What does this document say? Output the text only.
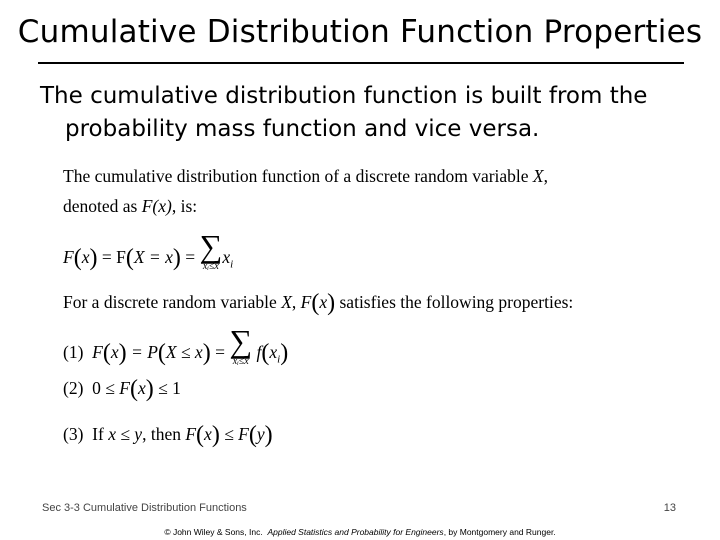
Cumulative Distribution Function Properties
The cumulative distribution function is built from the
probability mass function and vice versa.
The cumulative distribution function of a discrete random variable X,
denoted as F(x), is:
F(x) = F(X = x) = ∑
xᵢ≤x $x_i$
For a discrete random variable X, F(x) satisfies the following properties:
(1) F(x) = P(X ≤ x) = ∑
xᵢ≤x $f(x_i)$
(2) 0 ≤ F(x) ≤ 1
(3) If x ≤ y, then F(x) ≤ F(y)
Sec 3-3 Cumulative Distribution Functions	13
© John Wiley & Sons, Inc. Applied Statistics and Probability for Engineers, by Montgomery and Runger.
